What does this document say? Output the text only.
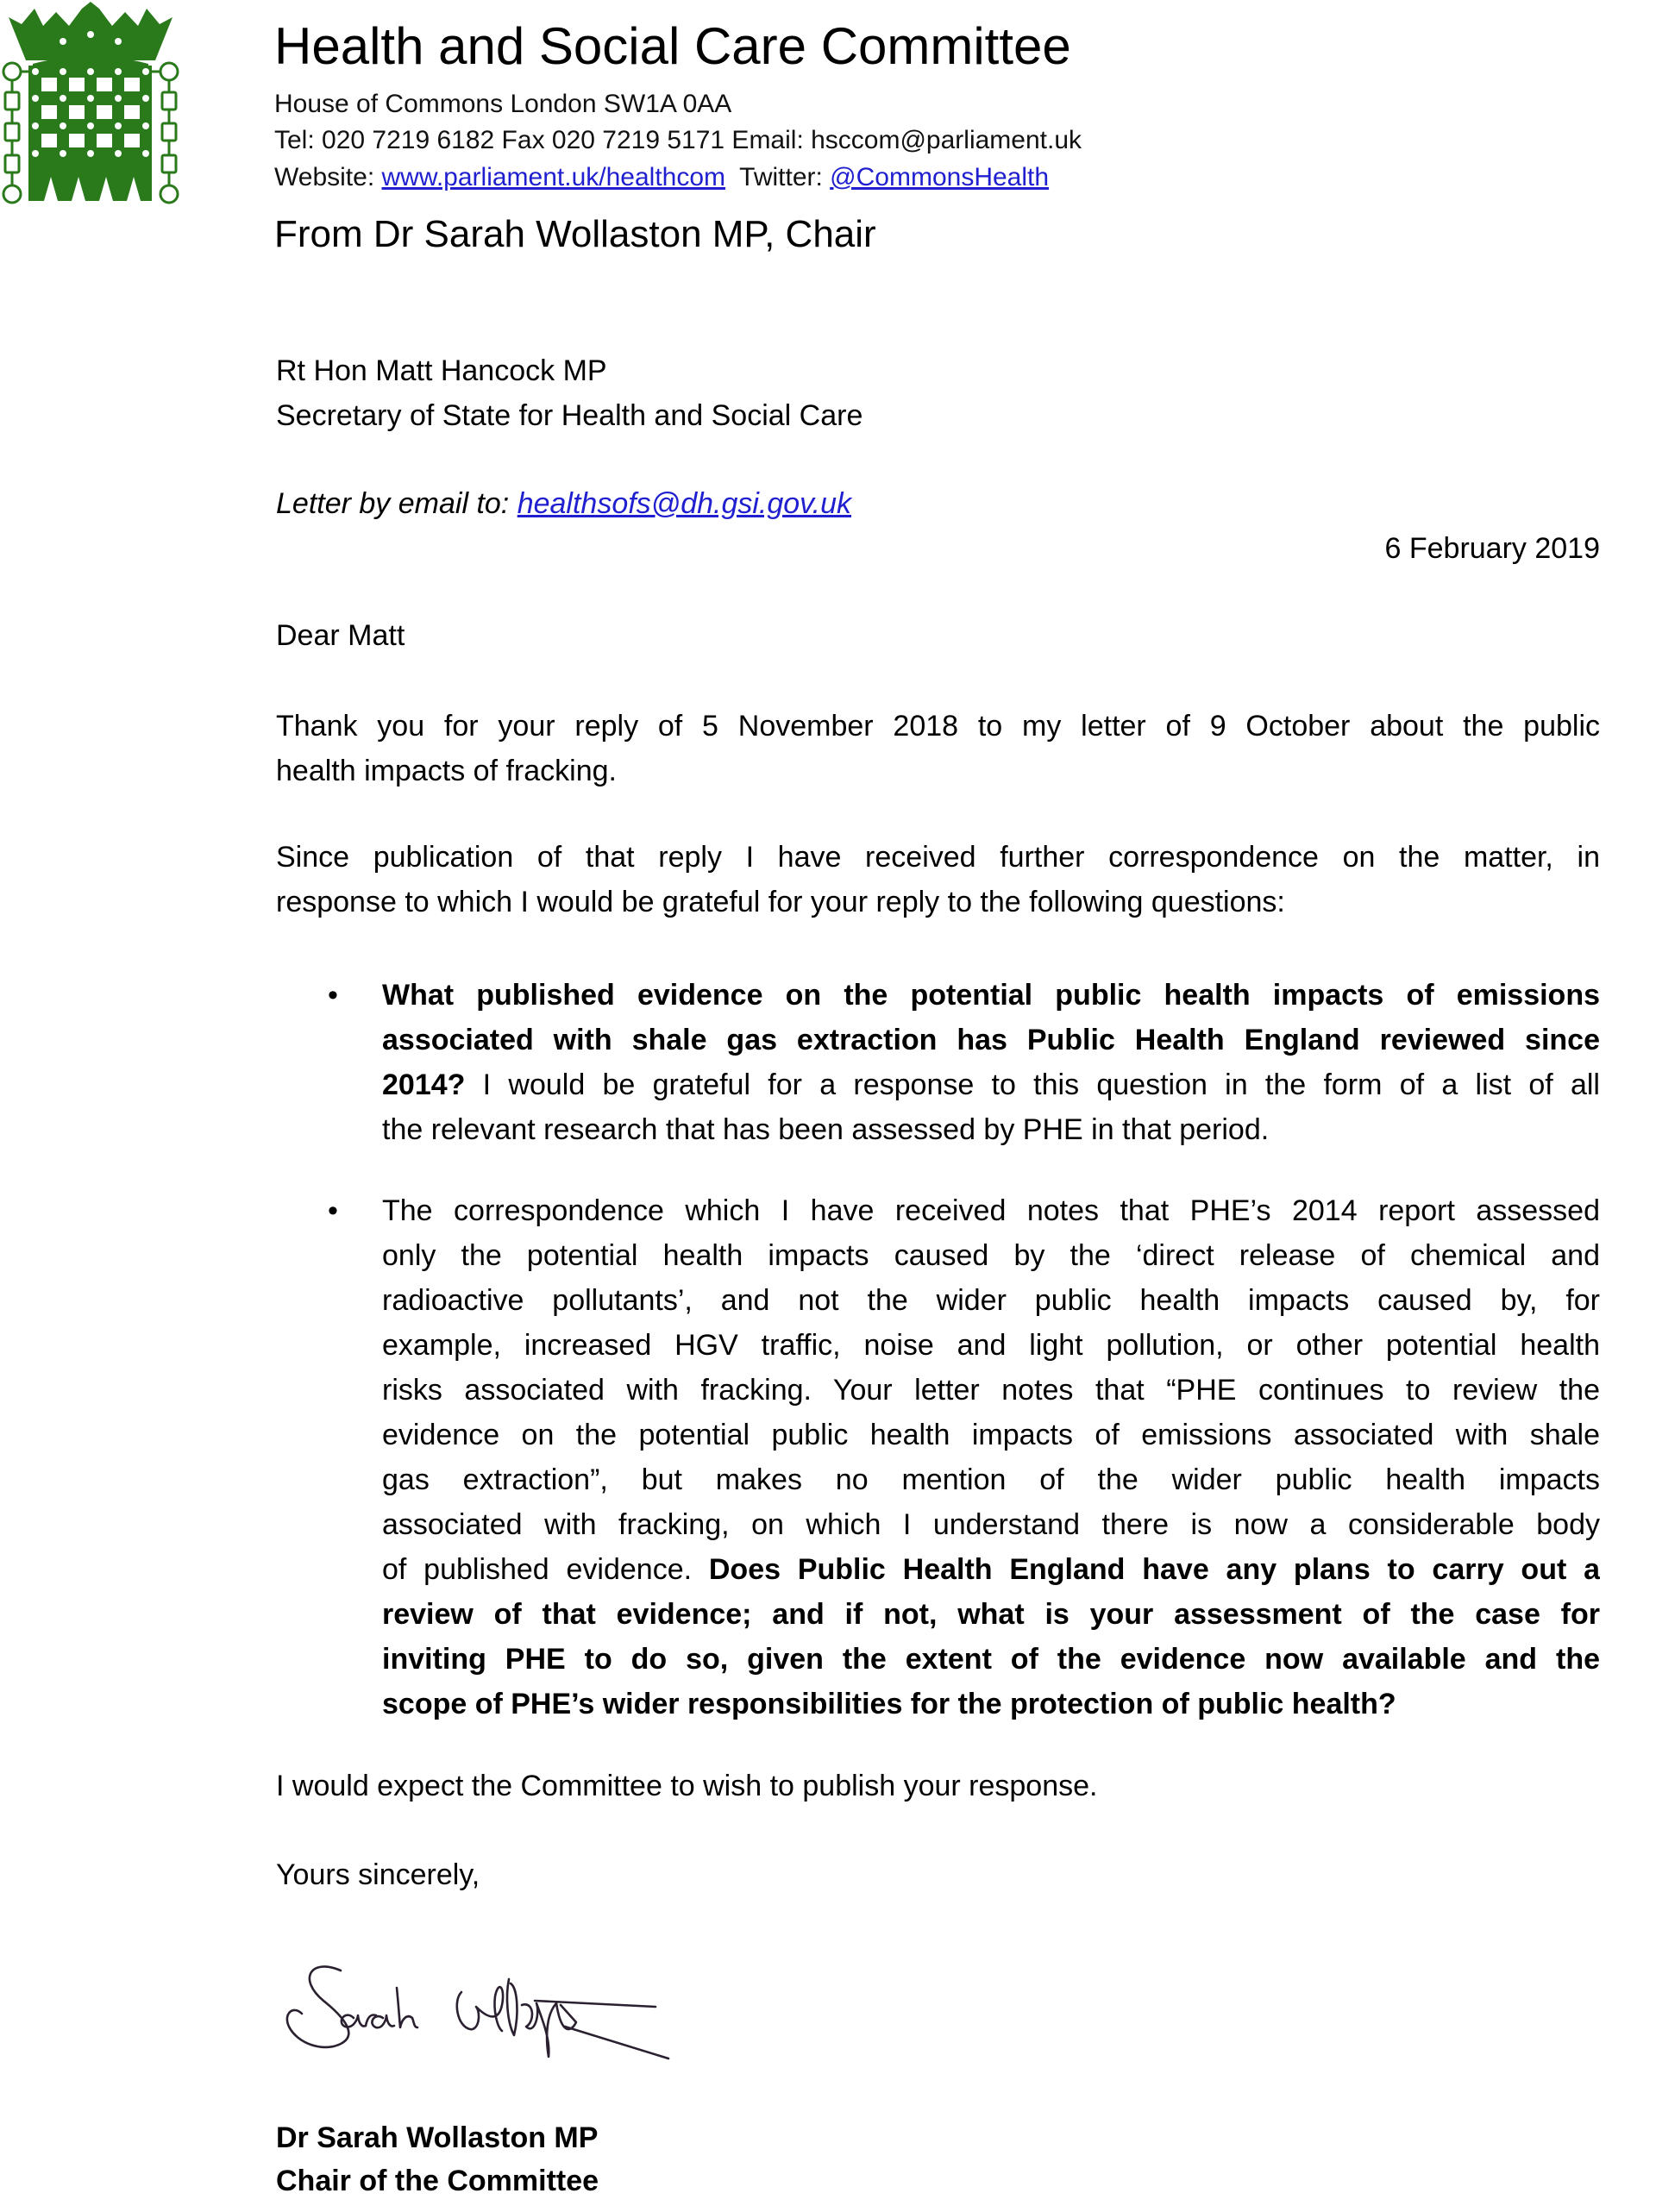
Health and Social Care Committee
House of Commons London SW1A 0AA
Tel: 020 7219 6182 Fax 020 7219 5171 Email: hsccom@parliament.uk
Website: www.parliament.uk/healthcom  Twitter: @CommonsHealth
From Dr Sarah Wollaston MP, Chair
Rt Hon Matt Hancock MP
Secretary of State for Health and Social Care
Letter by email to: healthsofs@dh.gsi.gov.uk
6 February 2019
Dear Matt
Thank you for your reply of 5 November 2018 to my letter of 9 October about the public
health impacts of fracking.
Since publication of that reply I have received further correspondence on the matter, in
response to which I would be grateful for your reply to the following questions:
• What published evidence on the potential public health impacts of emissions
associated with shale gas extraction has Public Health England reviewed since
2014? I would be grateful for a response to this question in the form of a list of all
the relevant research that has been assessed by PHE in that period.
• The correspondence which I have received notes that PHE’s 2014 report assessed
only the potential health impacts caused by the ‘direct release of chemical and
radioactive pollutants’, and not the wider public health impacts caused by, for
example, increased HGV traffic, noise and light pollution, or other potential health
risks associated with fracking. Your letter notes that “PHE continues to review the
evidence on the potential public health impacts of emissions associated with shale
gas extraction”, but makes no mention of the wider public health impacts
associated with fracking, on which I understand there is now a considerable body
of published evidence. Does Public Health England have any plans to carry out a
review of that evidence; and if not, what is your assessment of the case for
inviting PHE to do so, given the extent of the evidence now available and the
scope of PHE’s wider responsibilities for the protection of public health?
I would expect the Committee to wish to publish your response.
Yours sincerely,
Dr Sarah Wollaston MP
Chair of the Committee
